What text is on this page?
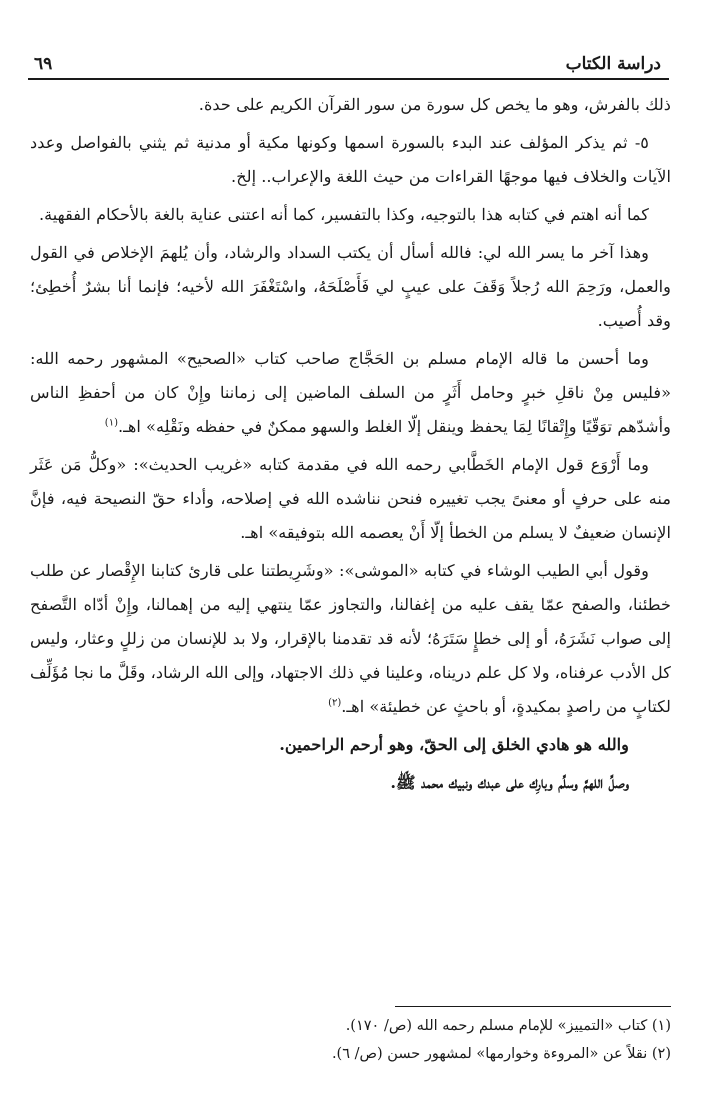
دراسة الكتاب
٦٩

ذلك بالفرش، وهو ما يخص كل سورة من سور القرآن الكريم على حدة.

٥- ثم يذكر المؤلف عند البدء بالسورة اسمها وكونها مكية أو مدنية ثم يثني بالفواصل وعدد الآيات والخلاف فيها موجهًا القراءات من حيث اللغة والإعراب.. إلخ.

كما أنه اهتم في كتابه هذا بالتوجيه، وكذا بالتفسير، كما أنه اعتنى عناية بالغة بالأحكام الفقهية.

وهذا آخر ما يسر الله لي: فالله أسأل أن يكتب السداد والرشاد، وأن يُلهمَ الإخلاص في القول والعمل، ورَحِمَ الله رُجلاً وَقَفَ على عيبٍ لي فَأَصْلَحَهُ، واسْتَغْفَرَ الله لأخيه؛ فإنما أنا بشرٌ أُخطِئ؛ وقد أُصيب.

وما أحسن ما قاله الإمام مسلم بن الحَجَّاج صاحب كتاب «الصحيح» المشهور رحمه الله: «فليس مِنْ ناقلِ خبرٍ وحامل أَثَرٍ من السلف الماضين إلى زماننا وإِنْ كان من أحفظِ الناس وأشدّهم توَقّيًا وإِتْقانًا لِمَا يحفظ وينقل إلّا الغلط والسهو ممكنٌ في حفظه ونَقْلِه» اهـ.$^{(١)}$

وما أَرْوَع قول الإمام الخَطَّابي رحمه الله في مقدمة كتابه «غريب الحديث»: «وكلُّ مَن عَثَر منه على حرفٍ أو معنىً يجب تغييره فنحن نناشده الله في إصلاحه، وأداء حقّ النصيحة فيه، فإنَّ الإنسان ضعيفٌ لا يسلم من الخطأ إلّا أَنْ يعصمه الله بتوفيقه» اهـ.

وقول أبي الطيب الوشاء في كتابه «الموشى»: «وشَرِيطتنا على قارئ كتابنا الإِقْصار عن طلب خطئنا، والصفح عمّا يقف عليه من إغفالنا، والتجاوز عمّا ينتهي إليه من إهمالنا، وإِنْ أدّاه التَّصفح إلى صواب نَشَرَهُ، أو إلى خطإٍ سَتَرَهُ؛ لأنه قد تقدمنا بالإقرار، ولا بد للإنسان من زللٍ وعثار، وليس كل الأدب عرفناه، ولا كل علم دريناه، وعلينا في ذلك الاجتهاد، وإلى الله الرشاد، وقَلَّ ما نجا مُؤَلِّف لكتابٍ من راصدٍ بمكيدةٍ، أو باحثٍ عن خطيئة» اهـ.$^{(٢)}$

والله هو هادي الخلق إلى الحقّ، وهو أرحم الراحمين.

وصلِّ اللهمَّ وسلِّم وبارِك على عبدك ونبيك محمد ﷺ.

(١) كتاب «التمييز» للإمام مسلم رحمه الله (ص/ ١٧٠).
(٢) نقلاً عن «المروءة وخوارمها» لمشهور حسن (ص/ ٦).
